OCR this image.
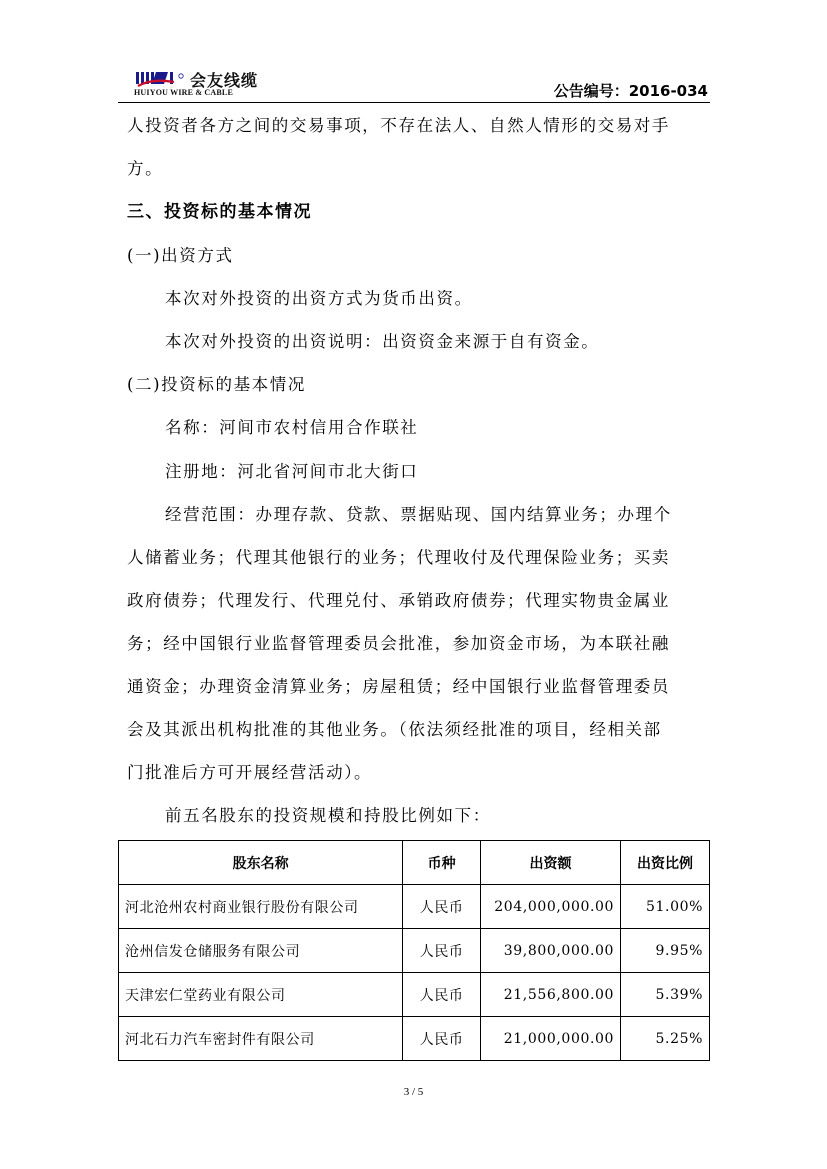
会友线缆
HUIYOU WIRE & CABLE	公告编号：2016-034
人投资者各方之间的交易事项，不存在法人、自然人情形的交易对手
方。
三、投资标的基本情况
(一)出资方式
本次对外投资的出资方式为货币出资。
本次对外投资的出资说明：出资资金来源于自有资金。
(二)投资标的基本情况
名称：河间市农村信用合作联社
注册地：河北省河间市北大街口
经营范围：办理存款、贷款、票据贴现、国内结算业务；办理个
人储蓄业务；代理其他银行的业务；代理收付及代理保险业务；买卖
政府债券；代理发行、代理兑付、承销政府债券；代理实物贵金属业
务；经中国银行业监督管理委员会批准，参加资金市场，为本联社融
通资金；办理资金清算业务；房屋租赁；经中国银行业监督管理委员
会及其派出机构批准的其他业务。（依法须经批准的项目，经相关部
门批准后方可开展经营活动）。
前五名股东的投资规模和持股比例如下：
股东名称	币种	出资额	出资比例
河北沧州农村商业银行股份有限公司	人民币	204,000,000.00	51.00%
沧州信发仓储服务有限公司	人民币	39,800,000.00	9.95%
天津宏仁堂药业有限公司	人民币	21,556,800.00	5.39%
河北石力汽车密封件有限公司	人民币	21,000,000.00	5.25%
3 / 5
